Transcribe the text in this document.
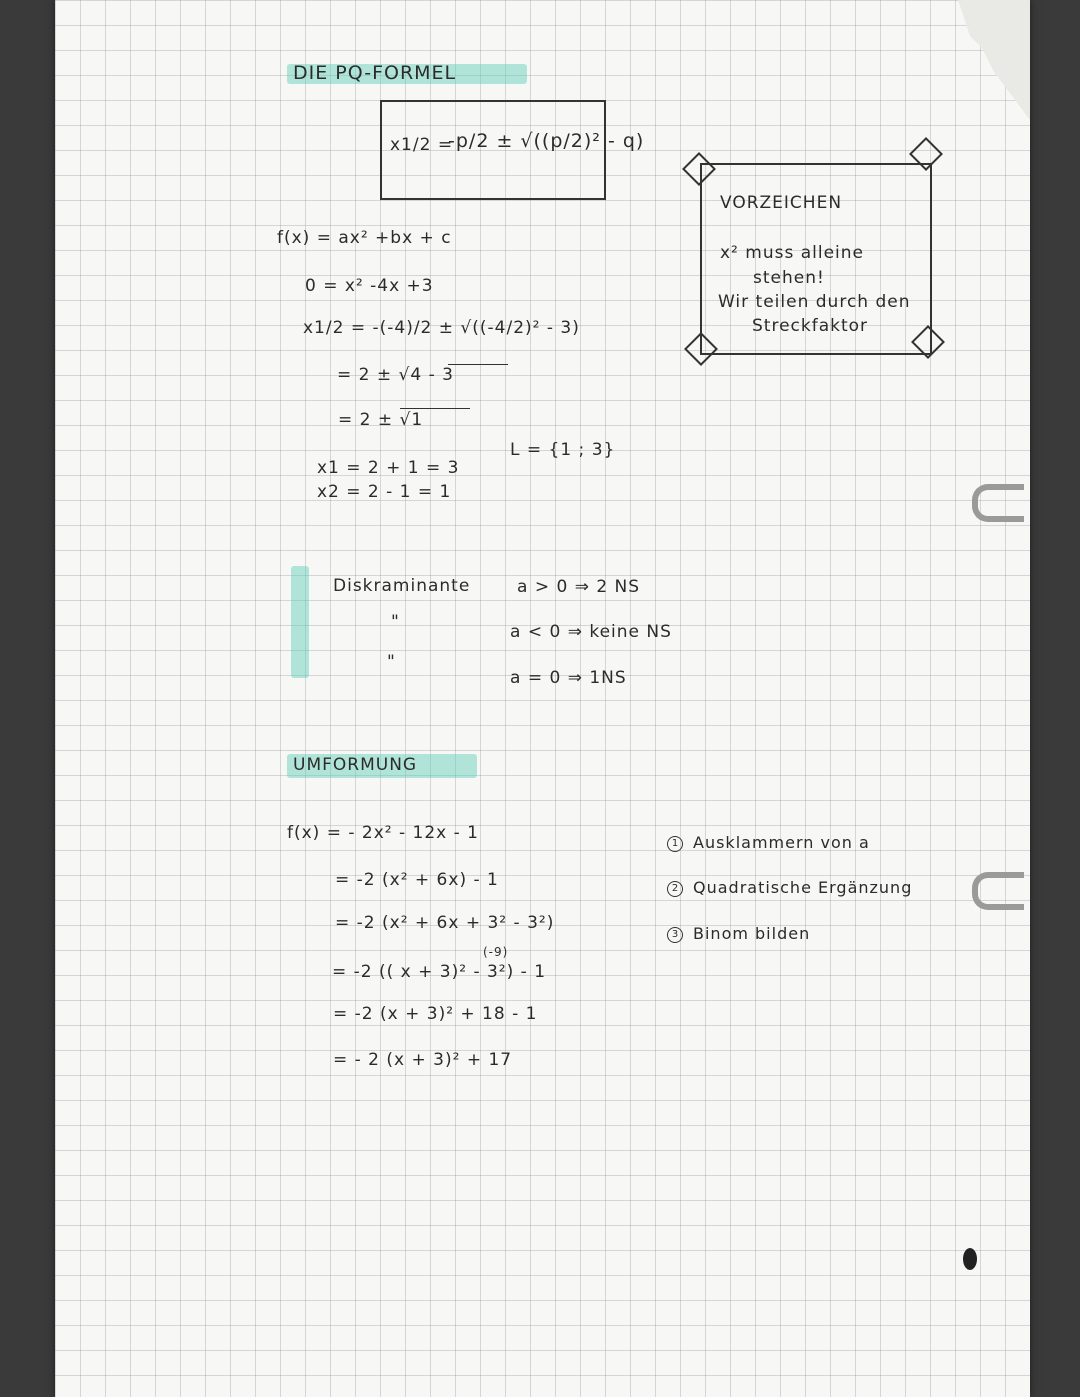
DIE PQ-FORMEL
x1/2 =
-p/2 ± √((p/2)² - q)
f(x) = ax² +bx + c
0 = x² -4x +3
x1/2 = -(-4)/2 ± √((-4/2)² - 3)
= 2 ± √4 - 3
= 2 ± √1
x1 = 2 + 1 = 3
x2 = 2 - 1 = 1
L = {1 ; 3}
VORZEICHEN
x² muss alleine
stehen!
Wir teilen durch den
Streckfaktor
Diskraminante
"
"
a > 0 ⇒ 2 NS
a < 0 ⇒ keine NS
a = 0 ⇒ 1NS
UMFORMUNG
f(x) = - 2x² - 12x - 1
= -2 (x² + 6x) - 1
= -2 (x² + 6x + 3² - 3²)
(-9)
= -2 (( x + 3)² - 3²) - 1
= -2 (x + 3)² + 18 - 1
= - 2 (x + 3)² + 17
1 Ausklammern von a
2 Quadratische Ergänzung
3 Binom bilden
